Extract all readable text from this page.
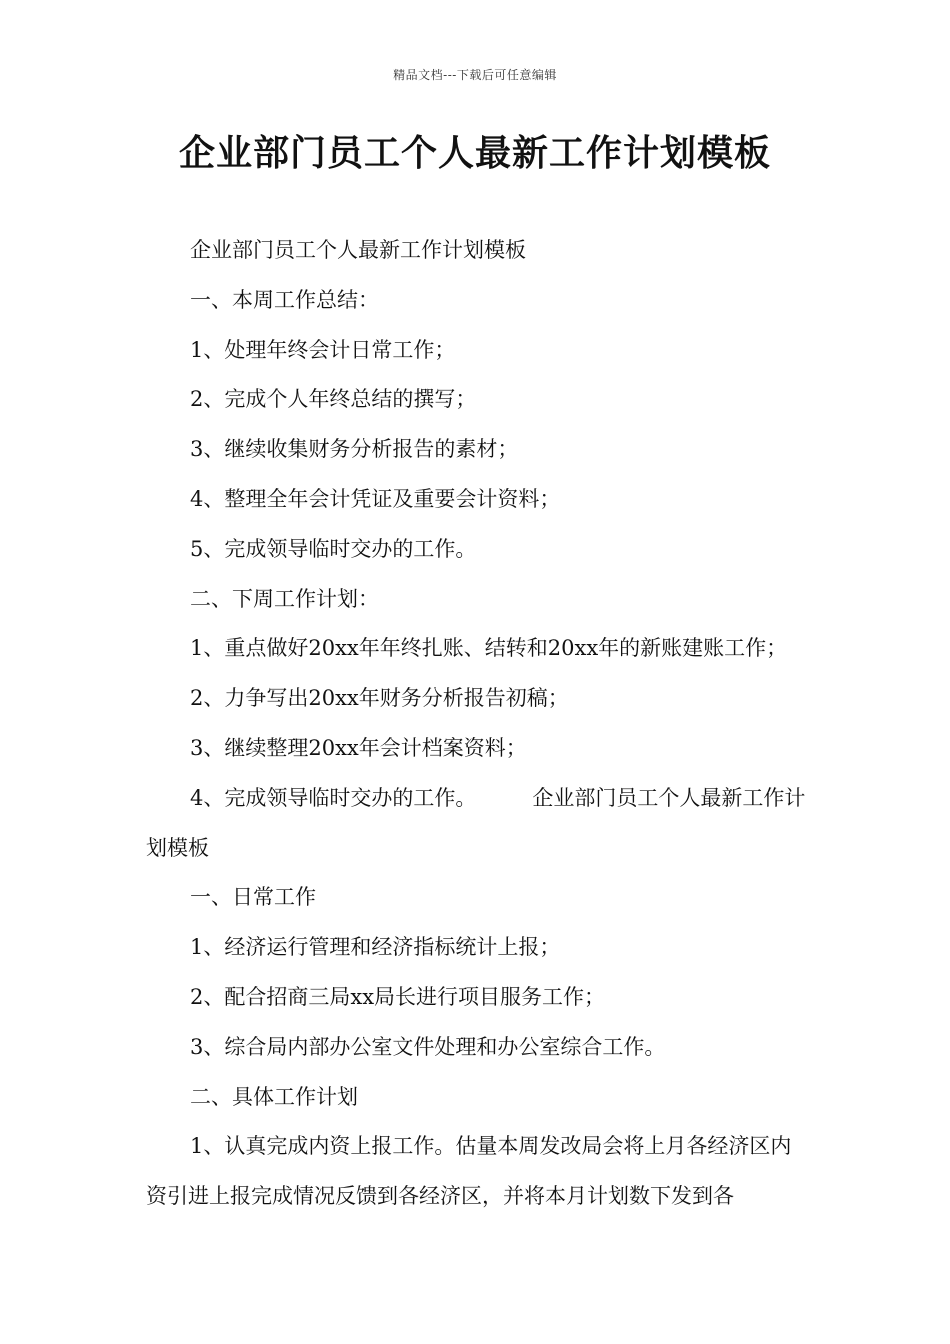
精品文档---下载后可任意编辑
企业部门员工个人最新工作计划模板

企业部门员工个人最新工作计划模板

一、本周工作总结：

1、处理年终会计日常工作；

2、完成个人年终总结的撰写；

3、继续收集财务分析报告的素材；

4、整理全年会计凭证及重要会计资料；

5、完成领导临时交办的工作。

二、下周工作计划：

1、重点做好20xx年年终扎账、结转和20xx年的新账建账工作；

2、力争写出20xx年财务分析报告初稿；

3、继续整理20xx年会计档案资料；

4、完成领导临时交办的工作。	企业部门员工个人最新工作计划模板

一、日常工作

1、经济运行管理和经济指标统计上报；

2、配合招商三局xx局长进行项目服务工作；

3、综合局内部办公室文件处理和办公室综合工作。

二、具体工作计划

1、认真完成内资上报工作。估量本周发改局会将上月各经济区内资引进上报完成情况反馈到各经济区，并将本月计划数下发到各
